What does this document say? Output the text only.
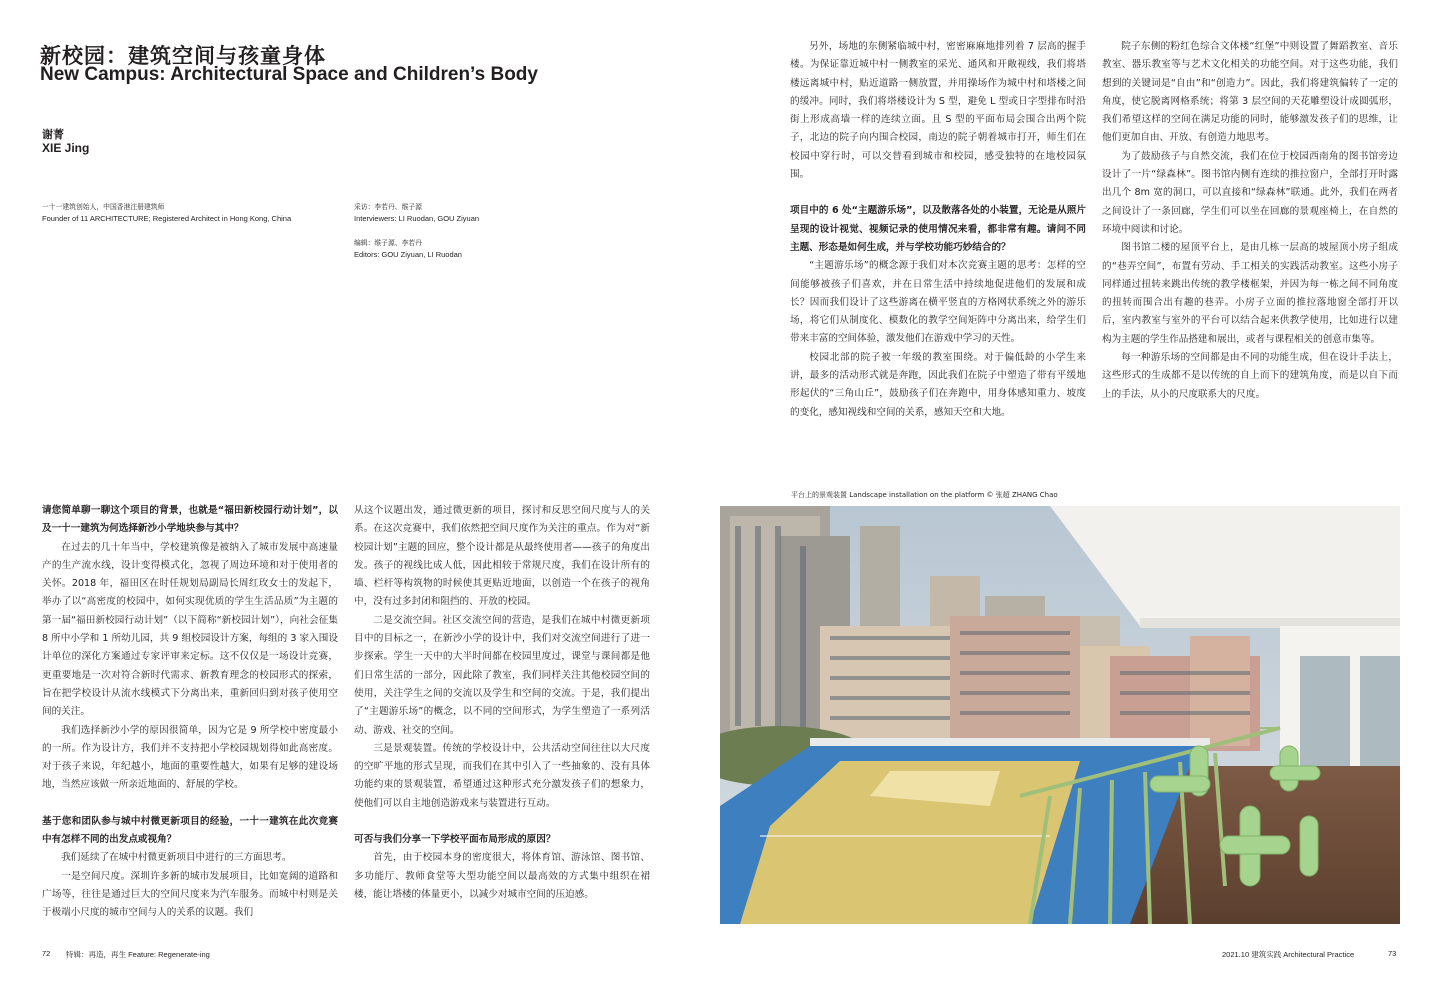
新校园：建筑空间与孩童身体
New Campus: Architectural Space and Children’s Body
谢菁
XIE Jing
一十一建筑创始人，中国香港注册建筑师
Founder of 11 ARCHITECTURE; Registered Architect in Hong Kong, China
采访：李若丹、缑子源
Interviewers: LI Ruodan, GOU Ziyuan
编辑：缑子源、李若丹
Editors: GOU Ziyuan, LI Ruodan

请您简单聊一聊这个项目的背景，也就是“福田新校园行动计划”，以及一十一建筑为何选择新沙小学地块参与其中？

在过去的几十年当中，学校建筑像是被纳入了城市发展中高速量产的生产流水线，设计变得模式化，忽视了周边环境和对于使用者的关怀。2018 年，福田区在时任规划局副局长周红玫女士的发起下，举办了以“高密度的校园中，如何实现优质的学生生活品质”为主题的第一届“福田新校园行动计划”（以下简称“新校园计划”），向社会征集 8 所中小学和 1 所幼儿园，共 9 组校园设计方案，每组的 3 家入围设计单位的深化方案通过专家评审来定标。这不仅仅是一场设计竞赛，更重要地是一次对符合新时代需求、新教育理念的校园形式的探索，旨在把学校设计从流水线模式下分离出来，重新回归到对孩子使用空间的关注。

我们选择新沙小学的原因很简单，因为它是 9 所学校中密度最小的一所。作为设计方，我们并不支持把小学校园规划得如此高密度。对于孩子来说，年纪越小，地面的重要性越大，如果有足够的建设场地，当然应该做一所亲近地面的、舒展的学校。

基于您和团队参与城中村微更新项目的经验，一十一建筑在此次竞赛中有怎样不同的出发点或视角？

我们延续了在城中村微更新项目中进行的三方面思考。

一是空间尺度。深圳许多新的城市发展项目，比如宽阔的道路和广场等，往往是通过巨大的空间尺度来为汽车服务。而城中村则是关于极端小尺度的城市空间与人的关系的议题。我们

从这个议题出发，通过微更新的项目，探讨和反思空间尺度与人的关系。在这次竞赛中，我们依然把空间尺度作为关注的重点。作为对“新校园计划”主题的回应，整个设计都是从最终使用者——孩子的角度出发。孩子的视线比成人低，因此相较于常规尺度，我们在设计所有的墙、栏杆等构筑物的时候使其更贴近地面，以创造一个在孩子的视角中，没有过多封闭和阻挡的、开放的校园。

二是交流空间。社区交流空间的营造，是我们在城中村微更新项目中的目标之一，在新沙小学的设计中，我们对交流空间进行了进一步探索。学生一天中的大半时间都在校园里度过，课堂与课间都是他们日常生活的一部分，因此除了教室，我们同样关注其他校园空间的使用，关注学生之间的交流以及学生和空间的交流。于是，我们提出了“主题游乐场”的概念，以不同的空间形式，为学生塑造了一系列活动、游戏、社交的空间。

三是景观装置。传统的学校设计中，公共活动空间往往以大尺度的空旷平地的形式呈现，而我们在其中引入了一些抽象的、没有具体功能约束的景观装置，希望通过这种形式充分激发孩子们的想象力，使他们可以自主地创造游戏来与装置进行互动。

可否与我们分享一下学校平面布局形成的原因？

首先，由于校园本身的密度很大，将体育馆、游泳馆、图书馆、多功能厅、教师食堂等大型功能空间以最高效的方式集中组织在裙楼，能让塔楼的体量更小，以减少对城市空间的压迫感。

另外，场地的东侧紧临城中村，密密麻麻地排列着 7 层高的握手楼。为保证靠近城中村一侧教室的采光、通风和开敞视线，我们将塔楼远离城中村，贴近道路一侧放置，并用操场作为城中村和塔楼之间的缓冲。同时，我们将塔楼设计为 S 型，避免 L 型或日字型排布时沿街上形成高墙一样的连续立面。且 S 型的平面布局会围合出两个院子，北边的院子向内围合校园，南边的院子朝着城市打开，师生们在校园中穿行时，可以交替看到城市和校园，感受独特的在地校园氛围。

项目中的 6 处“主题游乐场”，以及散落各处的小装置，无论是从照片呈现的设计视觉、视频记录的使用情况来看，都非常有趣。请问不同主题、形态是如何生成，并与学校功能巧妙结合的？

“主题游乐场”的概念源于我们对本次竞赛主题的思考：怎样的空间能够被孩子们喜欢，并在日常生活中持续地促进他们的发展和成长？因而我们设计了这些游离在横平竖直的方格网状系统之外的游乐场，将它们从制度化、模数化的教学空间矩阵中分离出来，给学生们带来丰富的空间体验，激发他们在游戏中学习的天性。

校园北部的院子被一年级的教室围绕。对于偏低龄的小学生来讲，最多的活动形式就是奔跑，因此我们在院子中塑造了带有平缓地形起伏的“三角山丘”，鼓励孩子们在奔跑中，用身体感知重力、坡度的变化，感知视线和空间的关系，感知天空和大地。

院子东侧的粉红色综合文体楼“红堡”中则设置了舞蹈教室、音乐教室、器乐教室等与艺术文化相关的功能空间。对于这些功能，我们想到的关键词是“自由”和“创造力”。因此，我们将建筑偏转了一定的角度，使它脱离网格系统；将第 3 层空间的天花雕塑设计成圆弧形，我们希望这样的空间在满足功能的同时，能够激发孩子们的思维，让他们更加自由、开放、有创造力地思考。

为了鼓励孩子与自然交流，我们在位于校园西南角的图书馆旁边设计了一片“绿森林”。图书馆内侧有连续的推拉窗户，全部打开时露出几个 8m 宽的洞口，可以直接和“绿森林”联通。此外，我们在两者之间设计了一条回廊，学生们可以坐在回廊的景观座椅上，在自然的环境中阅读和讨论。

图书馆二楼的屋顶平台上，是由几栋一层高的坡屋顶小房子组成的“巷弄空间”，布置有劳动、手工相关的实践活动教室。这些小房子同样通过扭转来跳出传统的教学楼框架，并因为每一栋之间不同角度的扭转而围合出有趣的巷弄。小房子立面的推拉落地窗全部打开以后，室内教室与室外的平台可以结合起来供教学使用，比如进行以建构为主题的学生作品搭建和展出，或者与课程相关的创意市集等。

每一种游乐场的空间都是由不同的功能生成，但在设计手法上，这些形式的生成都不是以传统的自上而下的建筑角度，而是以自下而上的手法，从小的尺度联系大的尺度。

平台上的景观装置 Landscape installation on the platform © 张超 ZHANG Chao
72 特辑：再造，再生 Feature: Regenerate-ing	2021.10 建筑实践 Architectural Practice	73
